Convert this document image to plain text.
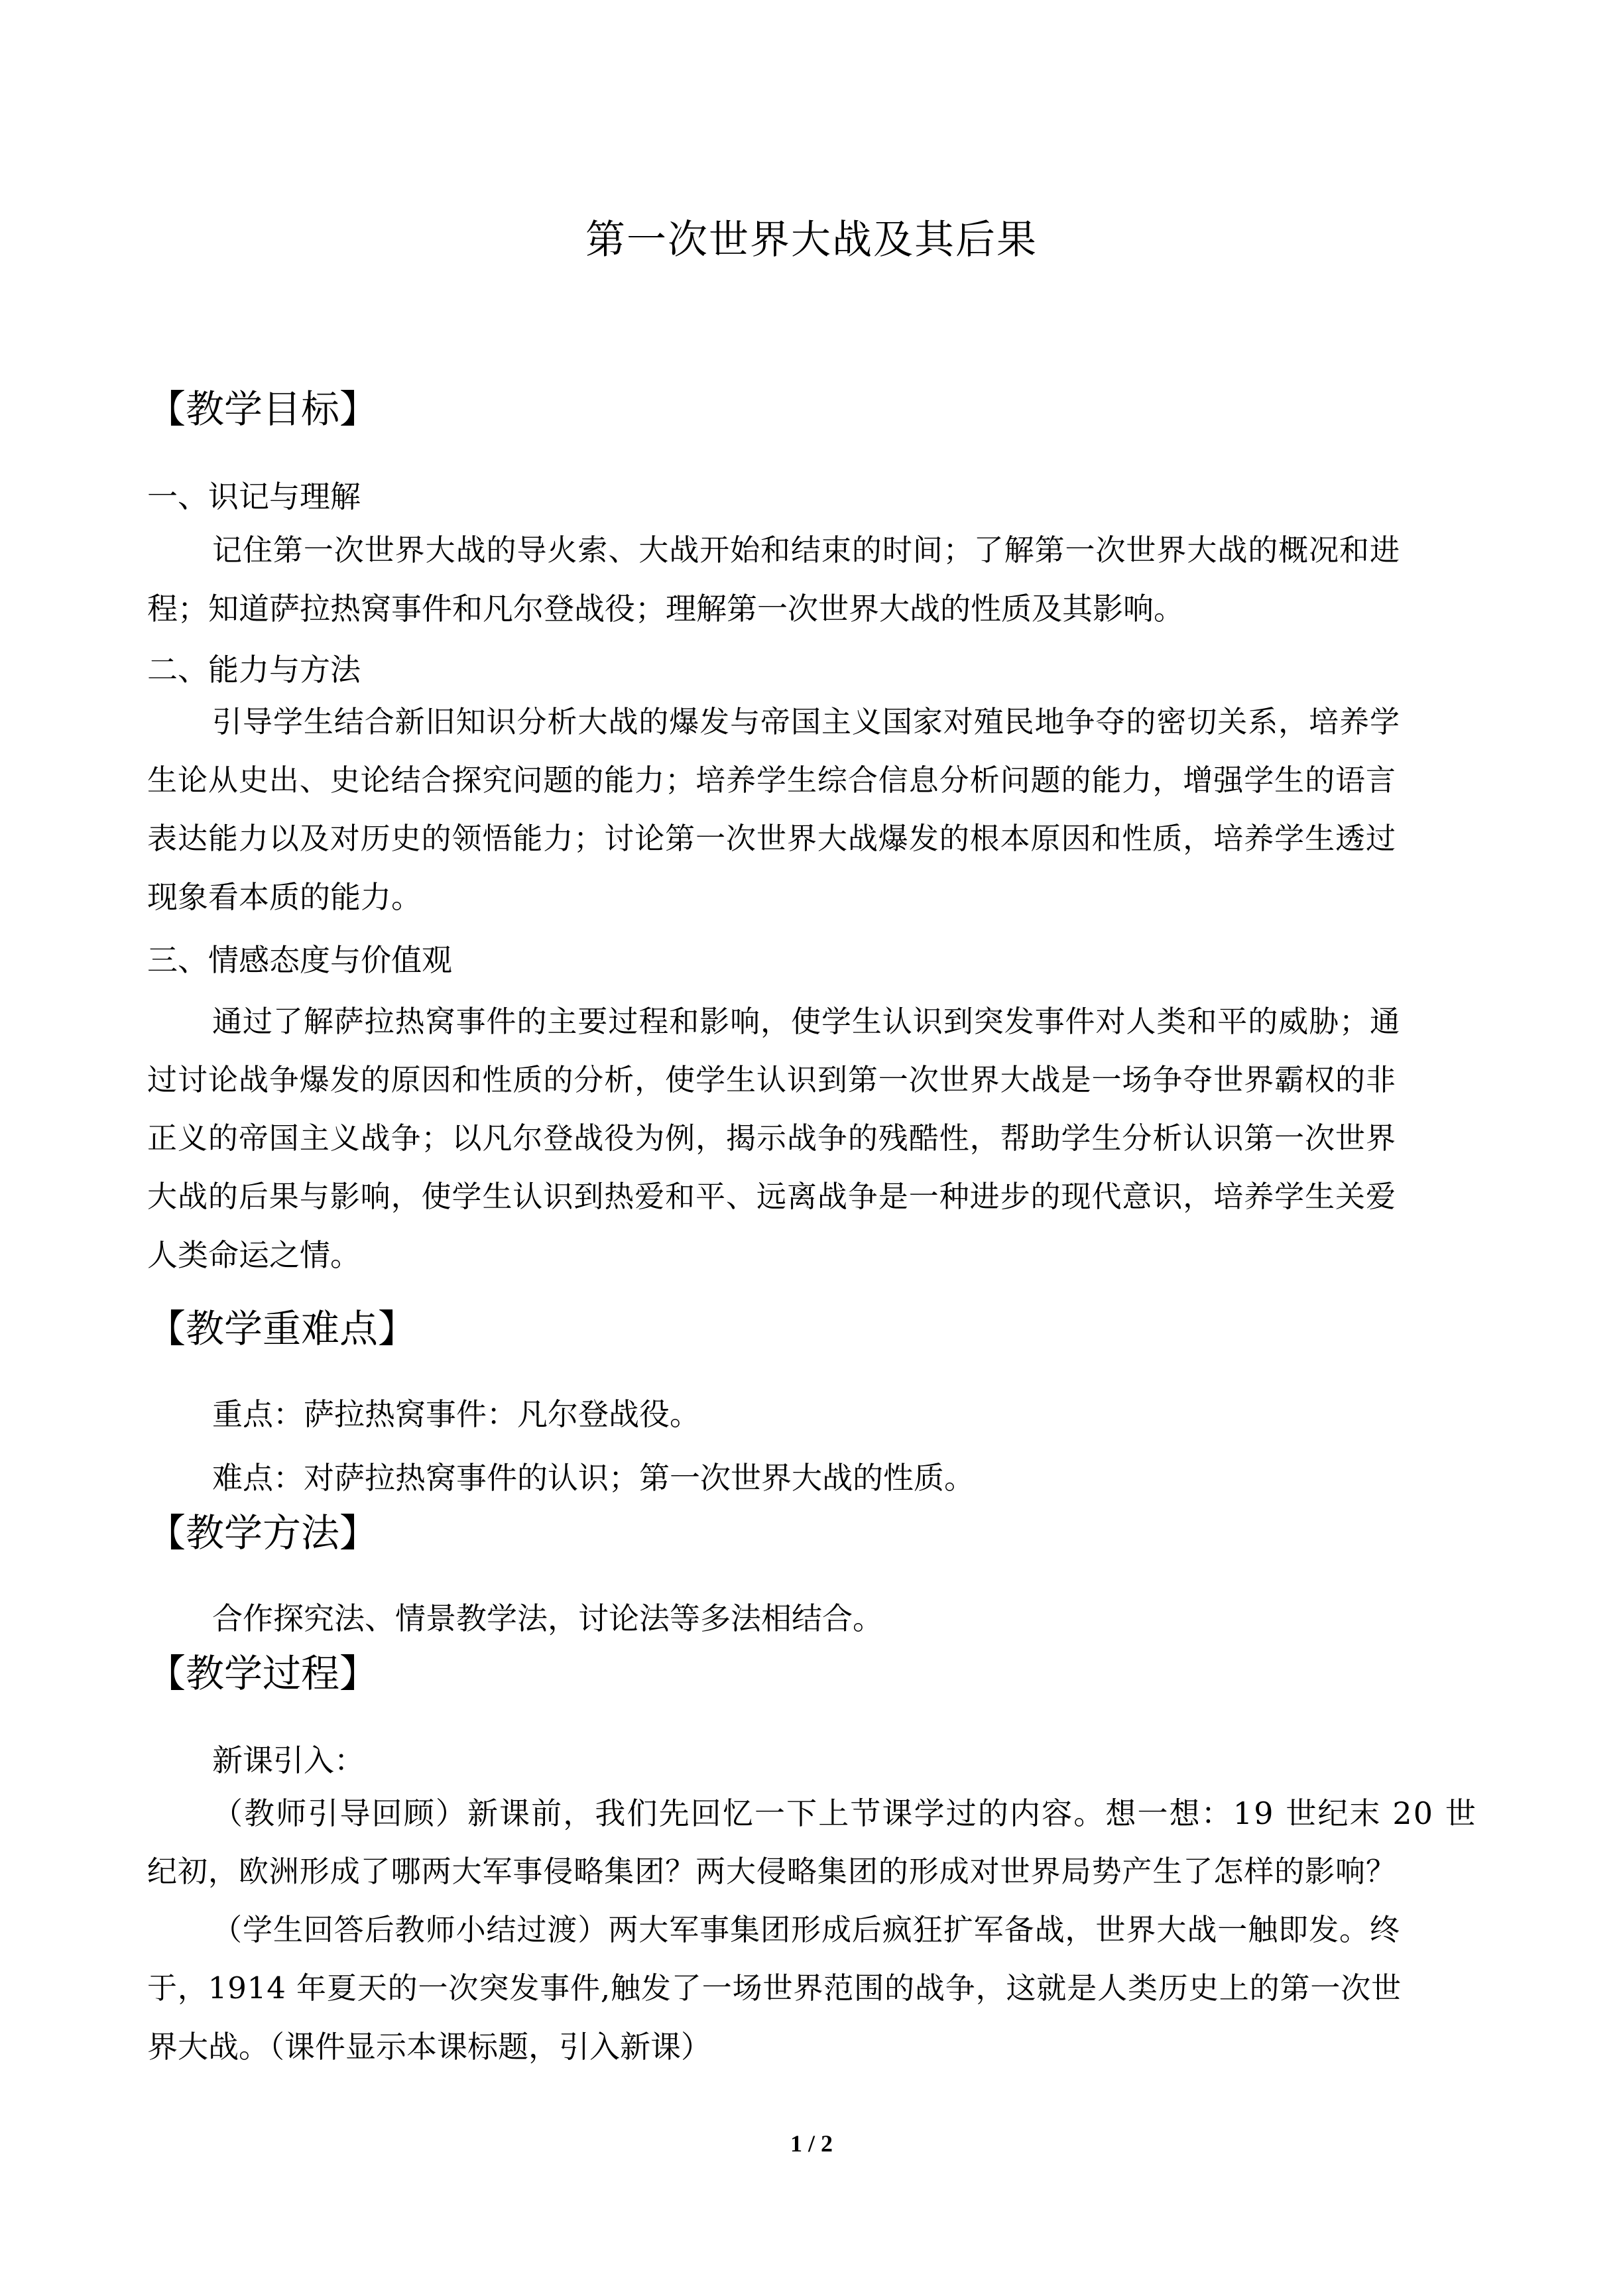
第一次世界大战及其后果
【教学目标】
一、识记与理解
记住第一次世界大战的导火索、大战开始和结束的时间；了解第一次世界大战的概况和进
程；知道萨拉热窝事件和凡尔登战役；理解第一次世界大战的性质及其影响。
二、能力与方法
引导学生结合新旧知识分析大战的爆发与帝国主义国家对殖民地争夺的密切关系，培养学
生论从史出、史论结合探究问题的能力；培养学生综合信息分析问题的能力，增强学生的语言
表达能力以及对历史的领悟能力；讨论第一次世界大战爆发的根本原因和性质，培养学生透过
现象看本质的能力。
三、情感态度与价值观
通过了解萨拉热窝事件的主要过程和影响，使学生认识到突发事件对人类和平的威胁；通
过讨论战争爆发的原因和性质的分析，使学生认识到第一次世界大战是一场争夺世界霸权的非
正义的帝国主义战争；以凡尔登战役为例，揭示战争的残酷性，帮助学生分析认识第一次世界
大战的后果与影响，使学生认识到热爱和平、远离战争是一种进步的现代意识，培养学生关爱
人类命运之情。
【教学重难点】
重点：萨拉热窝事件：凡尔登战役。
难点：对萨拉热窝事件的认识；第一次世界大战的性质。
【教学方法】
合作探究法、情景教学法，讨论法等多法相结合。
【教学过程】
新课引入：
（教师引导回顾）新课前，我们先回忆一下上节课学过的内容。想一想：19 世纪末 20 世
纪初，欧洲形成了哪两大军事侵略集团？两大侵略集团的形成对世界局势产生了怎样的影响？
（学生回答后教师小结过渡）两大军事集团形成后疯狂扩军备战，世界大战一触即发。终
于，1914 年夏天的一次突发事件,触发了一场世界范围的战争，这就是人类历史上的第一次世
界大战。（课件显示本课标题，引入新课）
1 / 2
